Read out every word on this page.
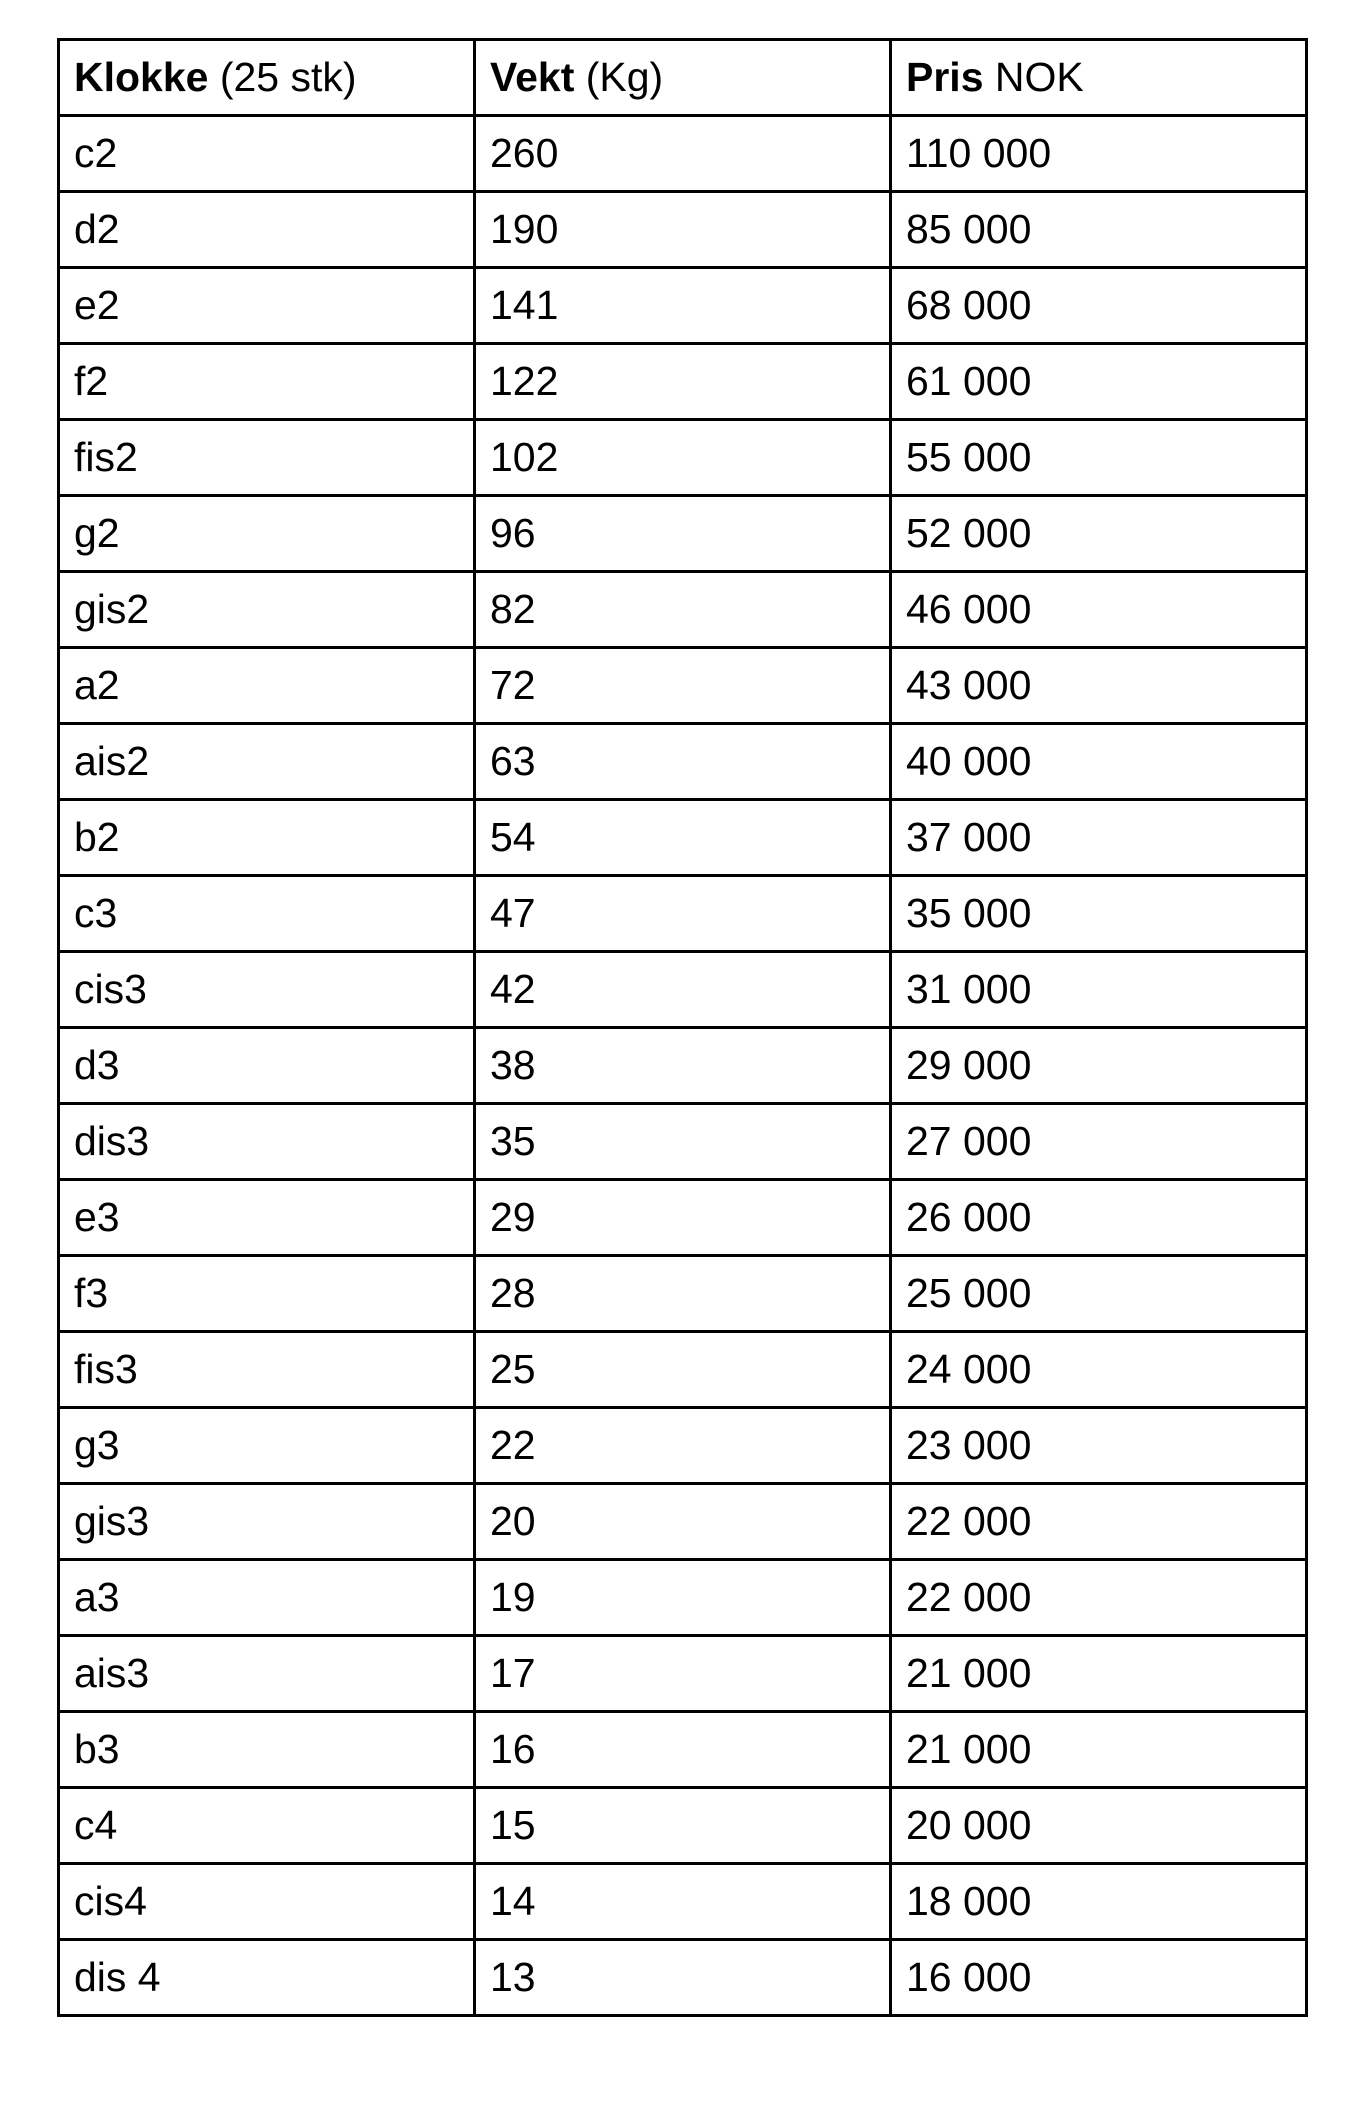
Klokke (25 stk)	Vekt (Kg)	Pris NOK
c2	260	110 000
d2	190	85 000
e2	141	68 000
f2	122	61 000
fis2	102	55 000
g2	96	52 000
gis2	82	46 000
a2	72	43 000
ais2	63	40 000
b2	54	37 000
c3	47	35 000
cis3	42	31 000
d3	38	29 000
dis3	35	27 000
e3	29	26 000
f3	28	25 000
fis3	25	24 000
g3	22	23 000
gis3	20	22 000
a3	19	22 000
ais3	17	21 000
b3	16	21 000
c4	15	20 000
cis4	14	18 000
dis 4	13	16 000
